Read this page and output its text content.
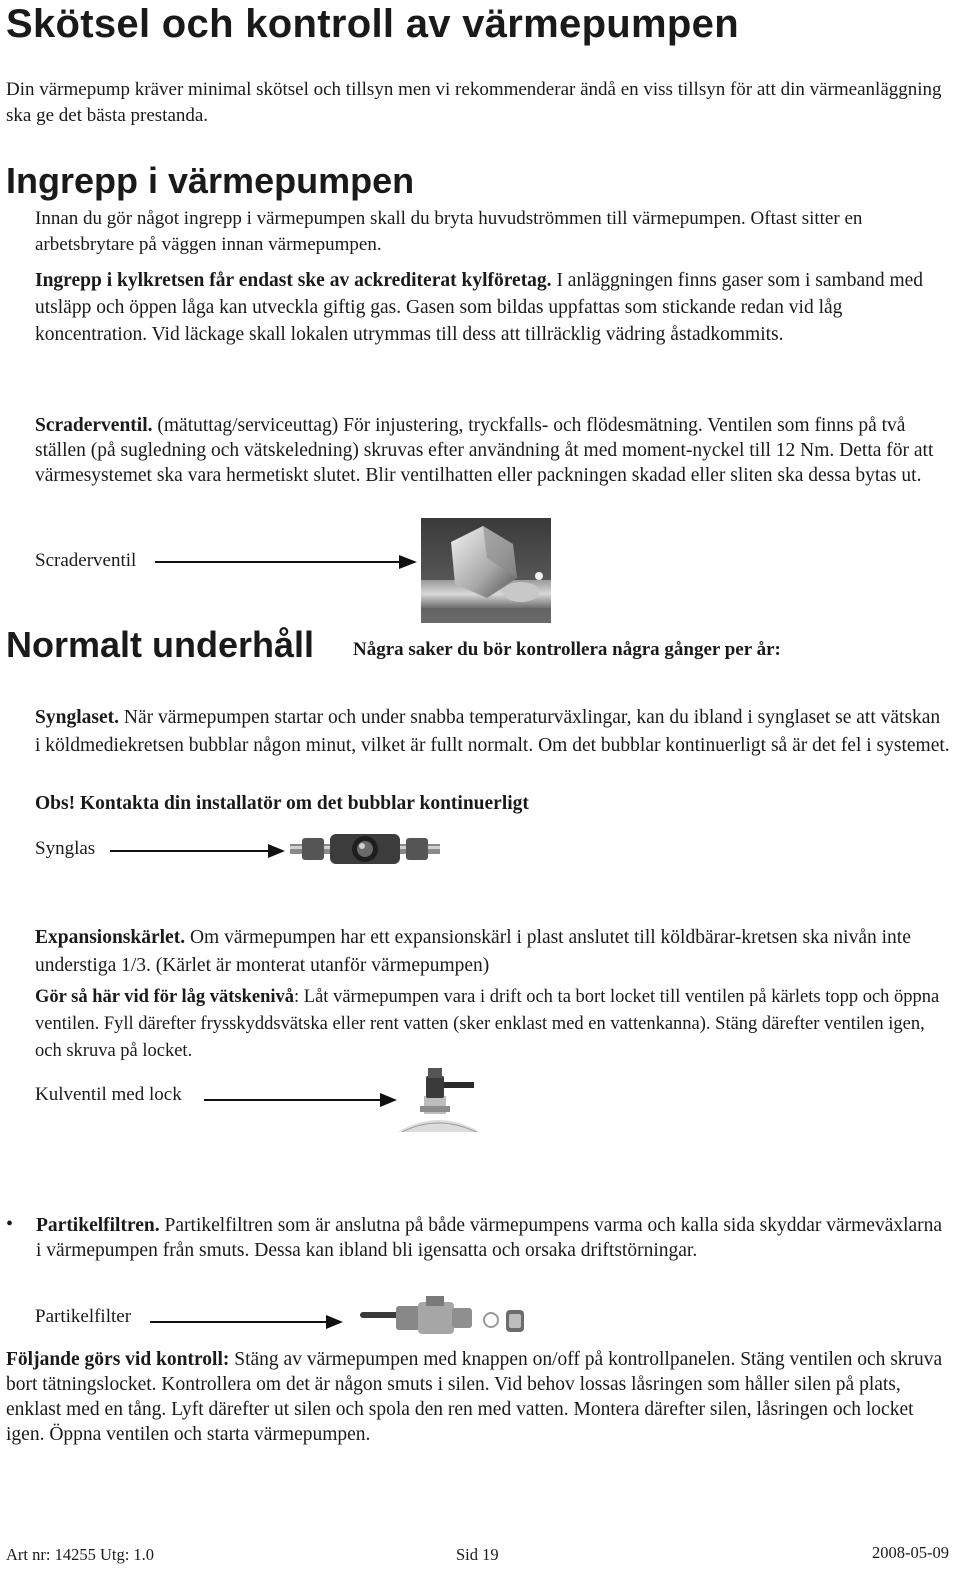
Skötsel och kontroll av värmepumpen
Din värmepump kräver minimal skötsel och tillsyn men vi rekommenderar ändå en viss tillsyn för att din värmeanläggning ska ge det bästa prestanda.
Ingrepp i värmepumpen
Innan du gör något ingrepp i värmepumpen skall du bryta huvudströmmen till värmepumpen. Oftast sitter en arbetsbrytare på väggen innan värmepumpen.
Ingrepp i kylkretsen får endast ske av ackrediterat kylföretag. I anläggningen finns gaser som i samband med utsläpp och öppen låga kan utveckla giftig gas. Gasen som bildas uppfattas som stickande redan vid låg koncentration. Vid läckage skall lokalen utrymmas till dess att tillräcklig vädring åstadkommits.
Scraderventil. (mätuttag/serviceuttag) För injustering, tryckfalls- och flödesmätning. Ventilen som finns på två ställen (på sugledning och vätskeledning) skruvas efter användning åt med moment-nyckel till 12 Nm. Detta för att värmesystemet ska vara hermetiskt slutet. Blir ventilhatten eller packningen skadad eller sliten ska dessa bytas ut.
Scraderventil
Normalt underhåll Några saker du bör kontrollera några gånger per år:
Synglaset. När värmepumpen startar och under snabba temperaturväxlingar, kan du ibland i synglaset se att vätskan i köldmediekretsen bubblar någon minut, vilket är fullt normalt. Om det bubblar kontinuerligt så är det fel i systemet.
Obs! Kontakta din installatör om det bubblar kontinuerligt
Synglas
Expansionskärlet. Om värmepumpen har ett expansionskärl i plast anslutet till köldbärar-kretsen ska nivån inte understiga 1/3. (Kärlet är monterat utanför värmepumpen)
Gör så här vid för låg vätskenivå: Låt värmepumpen vara i drift och ta bort locket till ventilen på kärlets topp och öppna ventilen. Fyll därefter frysskyddsvätska eller rent vatten (sker enklast med en vattenkanna). Stäng därefter ventilen igen, och skruva på locket.
Kulventil med lock
• Partikelfiltren. Partikelfiltren som är anslutna på både värmepumpens varma och kalla sida skyddar värmeväxlarna i värmepumpen från smuts. Dessa kan ibland bli igensatta och orsaka driftstörningar.
Partikelfilter
Följande görs vid kontroll: Stäng av värmepumpen med knappen on/off på kontrollpanelen. Stäng ventilen och skruva bort tätningslocket. Kontrollera om det är någon smuts i silen. Vid behov lossas låsringen som håller silen på plats, enklast med en tång. Lyft därefter ut silen och spola den ren med vatten. Montera därefter silen, låsringen och locket igen. Öppna ventilen och starta värmepumpen.
Art nr: 14255 Utg: 1.0	Sid 19	2008-05-09
